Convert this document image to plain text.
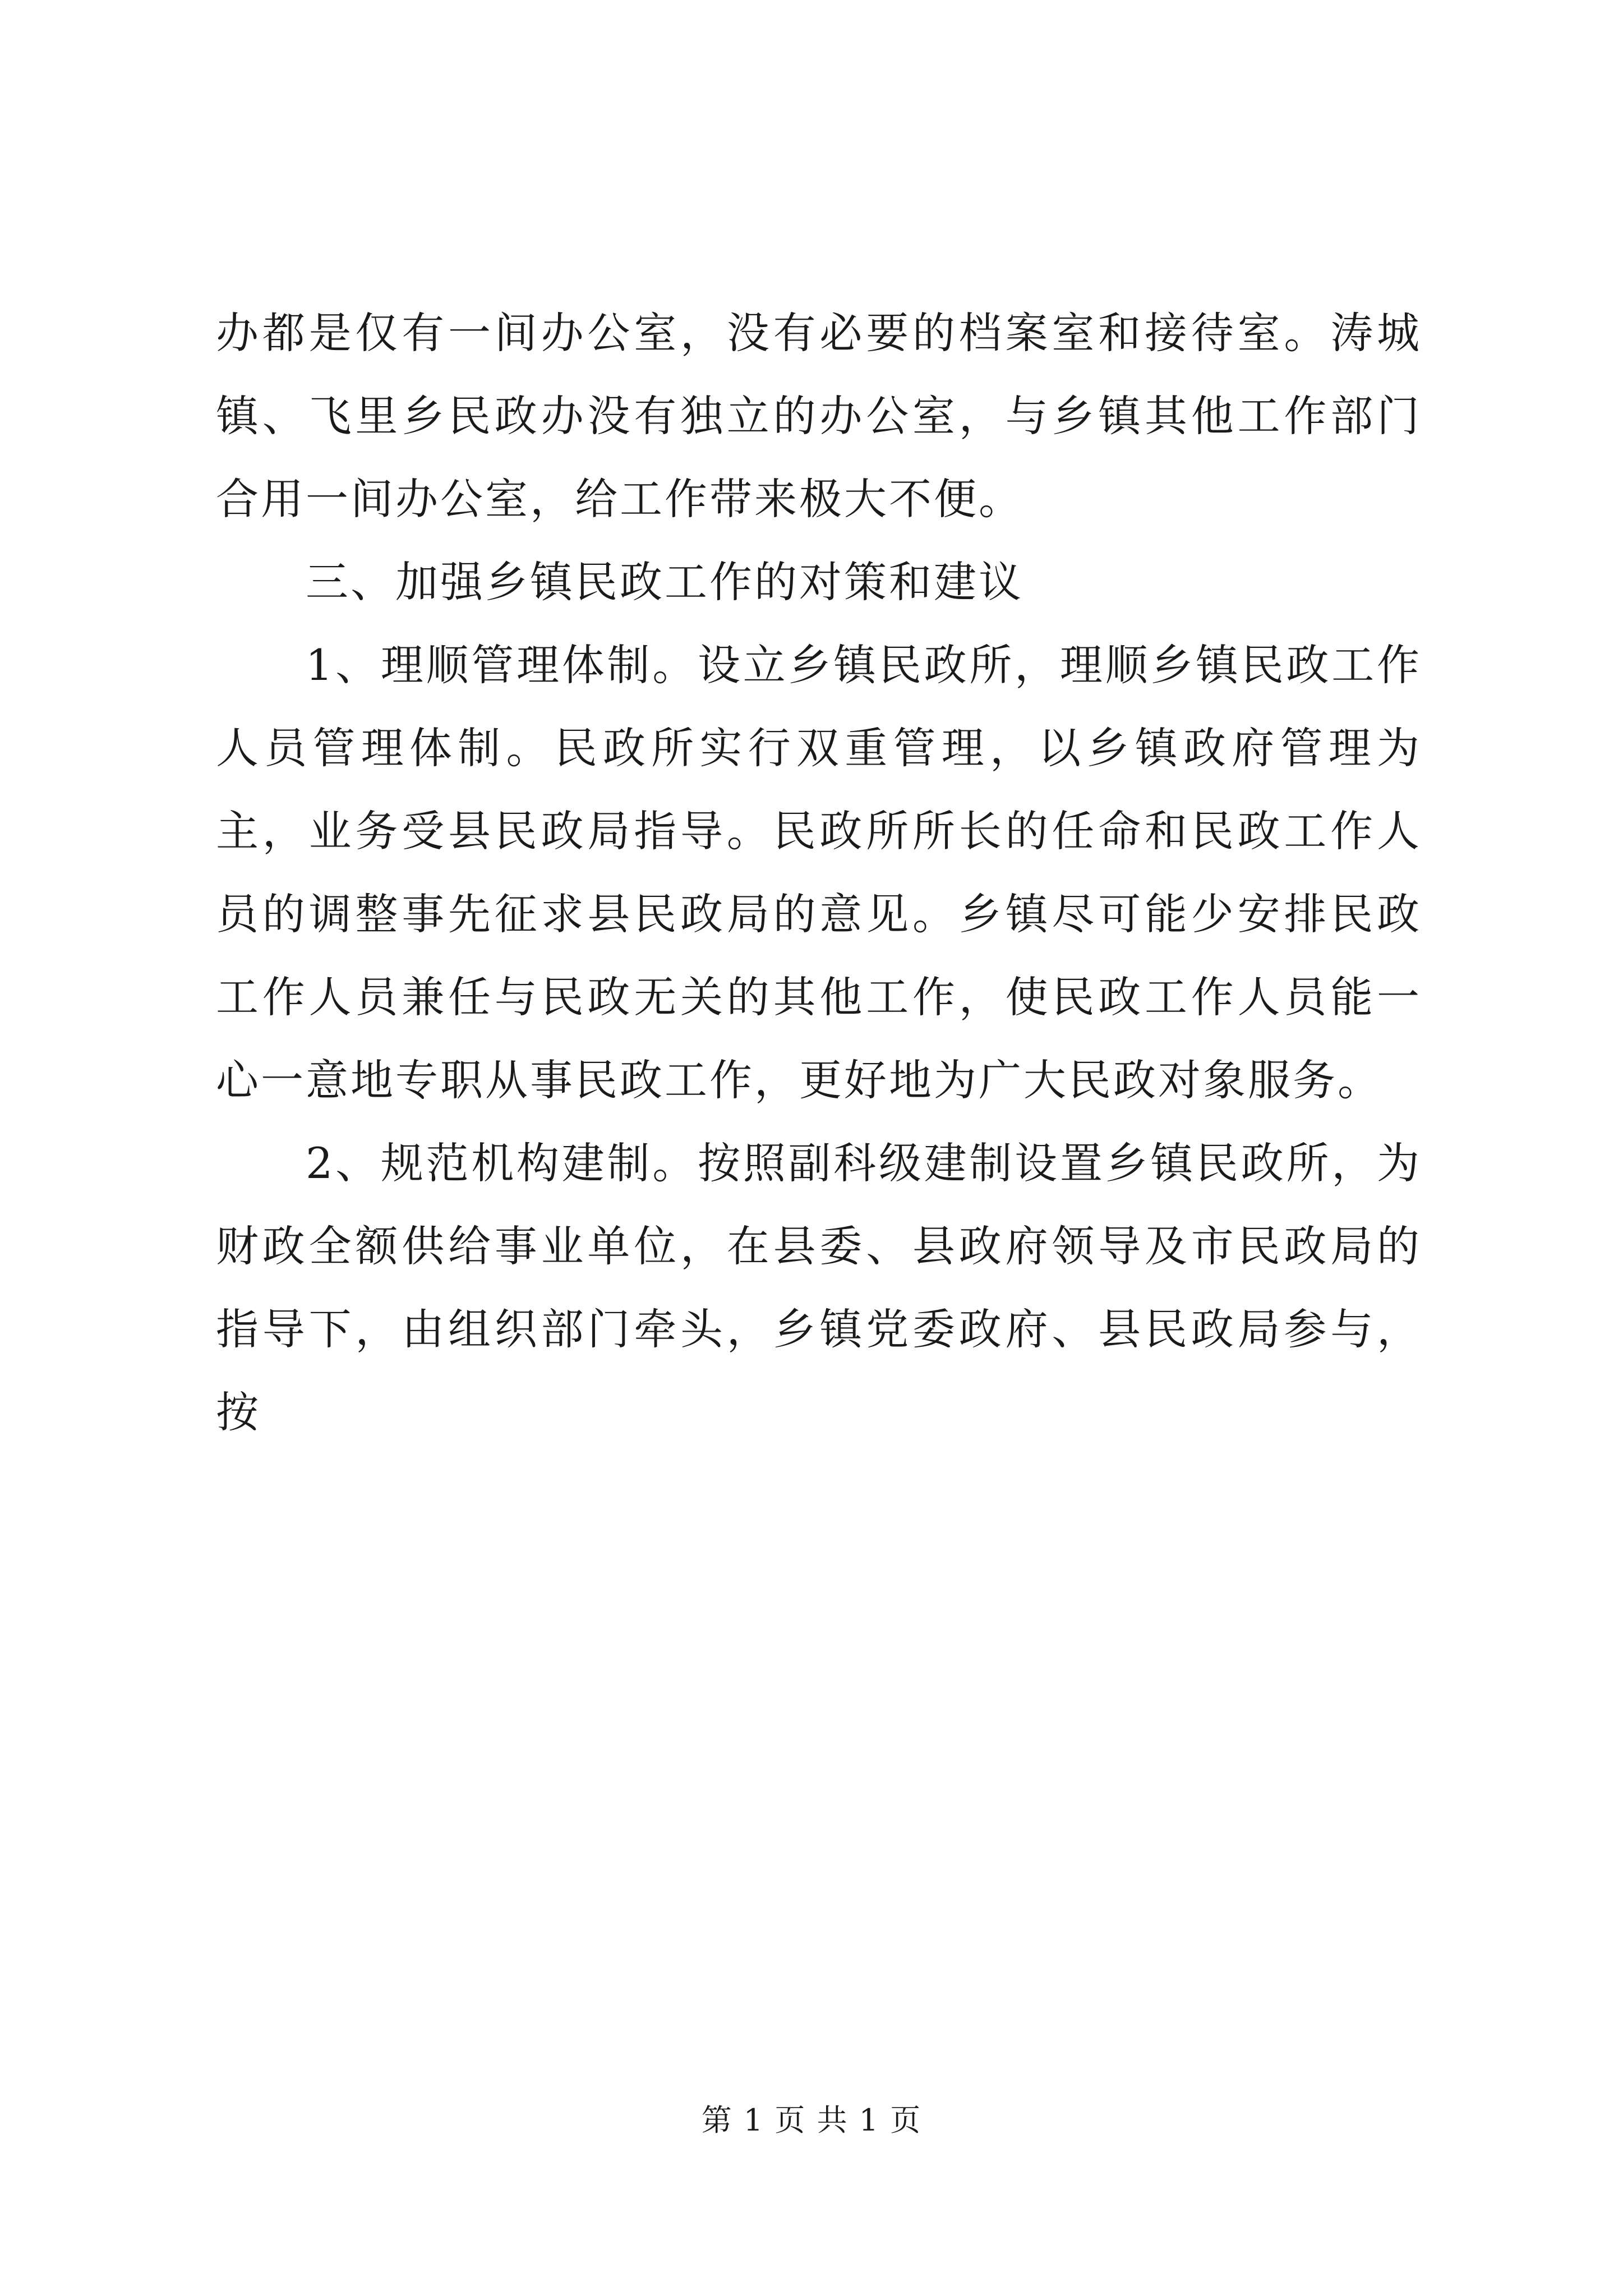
办都是仅有一间办公室，没有必要的档案室和接待室。涛城镇、飞里乡民政办没有独立的办公室，与乡镇其他工作部门合用一间办公室，给工作带来极大不便。

三、加强乡镇民政工作的对策和建议

1、理顺管理体制。设立乡镇民政所，理顺乡镇民政工作人员管理体制。民政所实行双重管理，以乡镇政府管理为主，业务受县民政局指导。民政所所长的任命和民政工作人员的调整事先征求县民政局的意见。乡镇尽可能少安排民政工作人员兼任与民政无关的其他工作，使民政工作人员能一心一意地专职从事民政工作，更好地为广大民政对象服务。

2、规范机构建制。按照副科级建制设置乡镇民政所，为财政全额供给事业单位，在县委、县政府领导及市民政局的指导下，由组织部门牵头，乡镇党委政府、县民政局参与，按

第 1 页 共 1 页
